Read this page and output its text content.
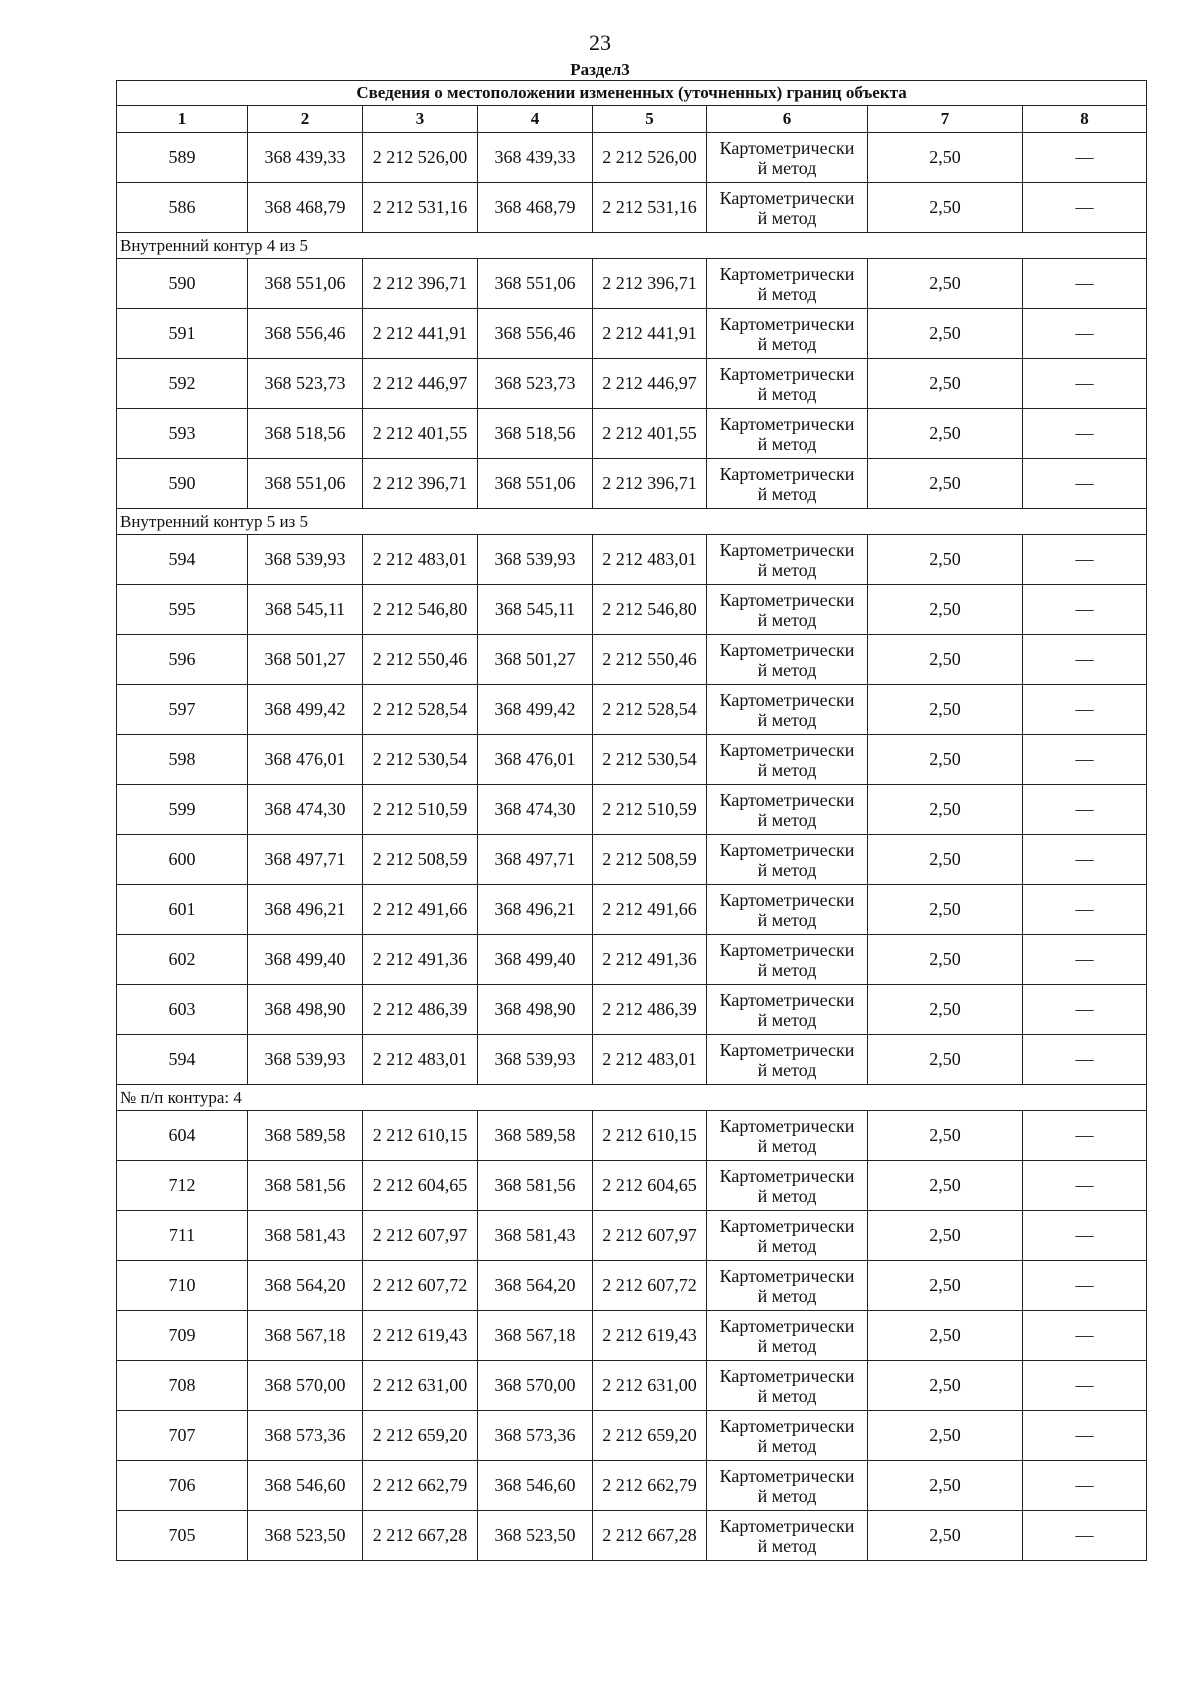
23
Раздел3
Сведения о местоположении измененных (уточненных) границ объекта							
1	2	3	4	5	6	7	8
589	368 439,33	2 212 526,00	368 439,33	2 212 526,00	Картометрически
й метод	2,50	—
586	368 468,79	2 212 531,16	368 468,79	2 212 531,16	Картометрически
й метод	2,50	—
Внутренний контур 4 из 5							
590	368 551,06	2 212 396,71	368 551,06	2 212 396,71	Картометрически
й метод	2,50	—
591	368 556,46	2 212 441,91	368 556,46	2 212 441,91	Картометрически
й метод	2,50	—
592	368 523,73	2 212 446,97	368 523,73	2 212 446,97	Картометрически
й метод	2,50	—
593	368 518,56	2 212 401,55	368 518,56	2 212 401,55	Картометрически
й метод	2,50	—
590	368 551,06	2 212 396,71	368 551,06	2 212 396,71	Картометрически
й метод	2,50	—
Внутренний контур 5 из 5							
594	368 539,93	2 212 483,01	368 539,93	2 212 483,01	Картометрически
й метод	2,50	—
595	368 545,11	2 212 546,80	368 545,11	2 212 546,80	Картометрически
й метод	2,50	—
596	368 501,27	2 212 550,46	368 501,27	2 212 550,46	Картометрически
й метод	2,50	—
597	368 499,42	2 212 528,54	368 499,42	2 212 528,54	Картометрически
й метод	2,50	—
598	368 476,01	2 212 530,54	368 476,01	2 212 530,54	Картометрически
й метод	2,50	—
599	368 474,30	2 212 510,59	368 474,30	2 212 510,59	Картометрически
й метод	2,50	—
600	368 497,71	2 212 508,59	368 497,71	2 212 508,59	Картометрически
й метод	2,50	—
601	368 496,21	2 212 491,66	368 496,21	2 212 491,66	Картометрически
й метод	2,50	—
602	368 499,40	2 212 491,36	368 499,40	2 212 491,36	Картометрически
й метод	2,50	—
603	368 498,90	2 212 486,39	368 498,90	2 212 486,39	Картометрически
й метод	2,50	—
594	368 539,93	2 212 483,01	368 539,93	2 212 483,01	Картометрически
й метод	2,50	—
№ п/п контура: 4							
604	368 589,58	2 212 610,15	368 589,58	2 212 610,15	Картометрически
й метод	2,50	—
712	368 581,56	2 212 604,65	368 581,56	2 212 604,65	Картометрически
й метод	2,50	—
711	368 581,43	2 212 607,97	368 581,43	2 212 607,97	Картометрически
й метод	2,50	—
710	368 564,20	2 212 607,72	368 564,20	2 212 607,72	Картометрически
й метод	2,50	—
709	368 567,18	2 212 619,43	368 567,18	2 212 619,43	Картометрически
й метод	2,50	—
708	368 570,00	2 212 631,00	368 570,00	2 212 631,00	Картометрически
й метод	2,50	—
707	368 573,36	2 212 659,20	368 573,36	2 212 659,20	Картометрически
й метод	2,50	—
706	368 546,60	2 212 662,79	368 546,60	2 212 662,79	Картометрически
й метод	2,50	—
705	368 523,50	2 212 667,28	368 523,50	2 212 667,28	Картометрически
й метод	2,50	—
